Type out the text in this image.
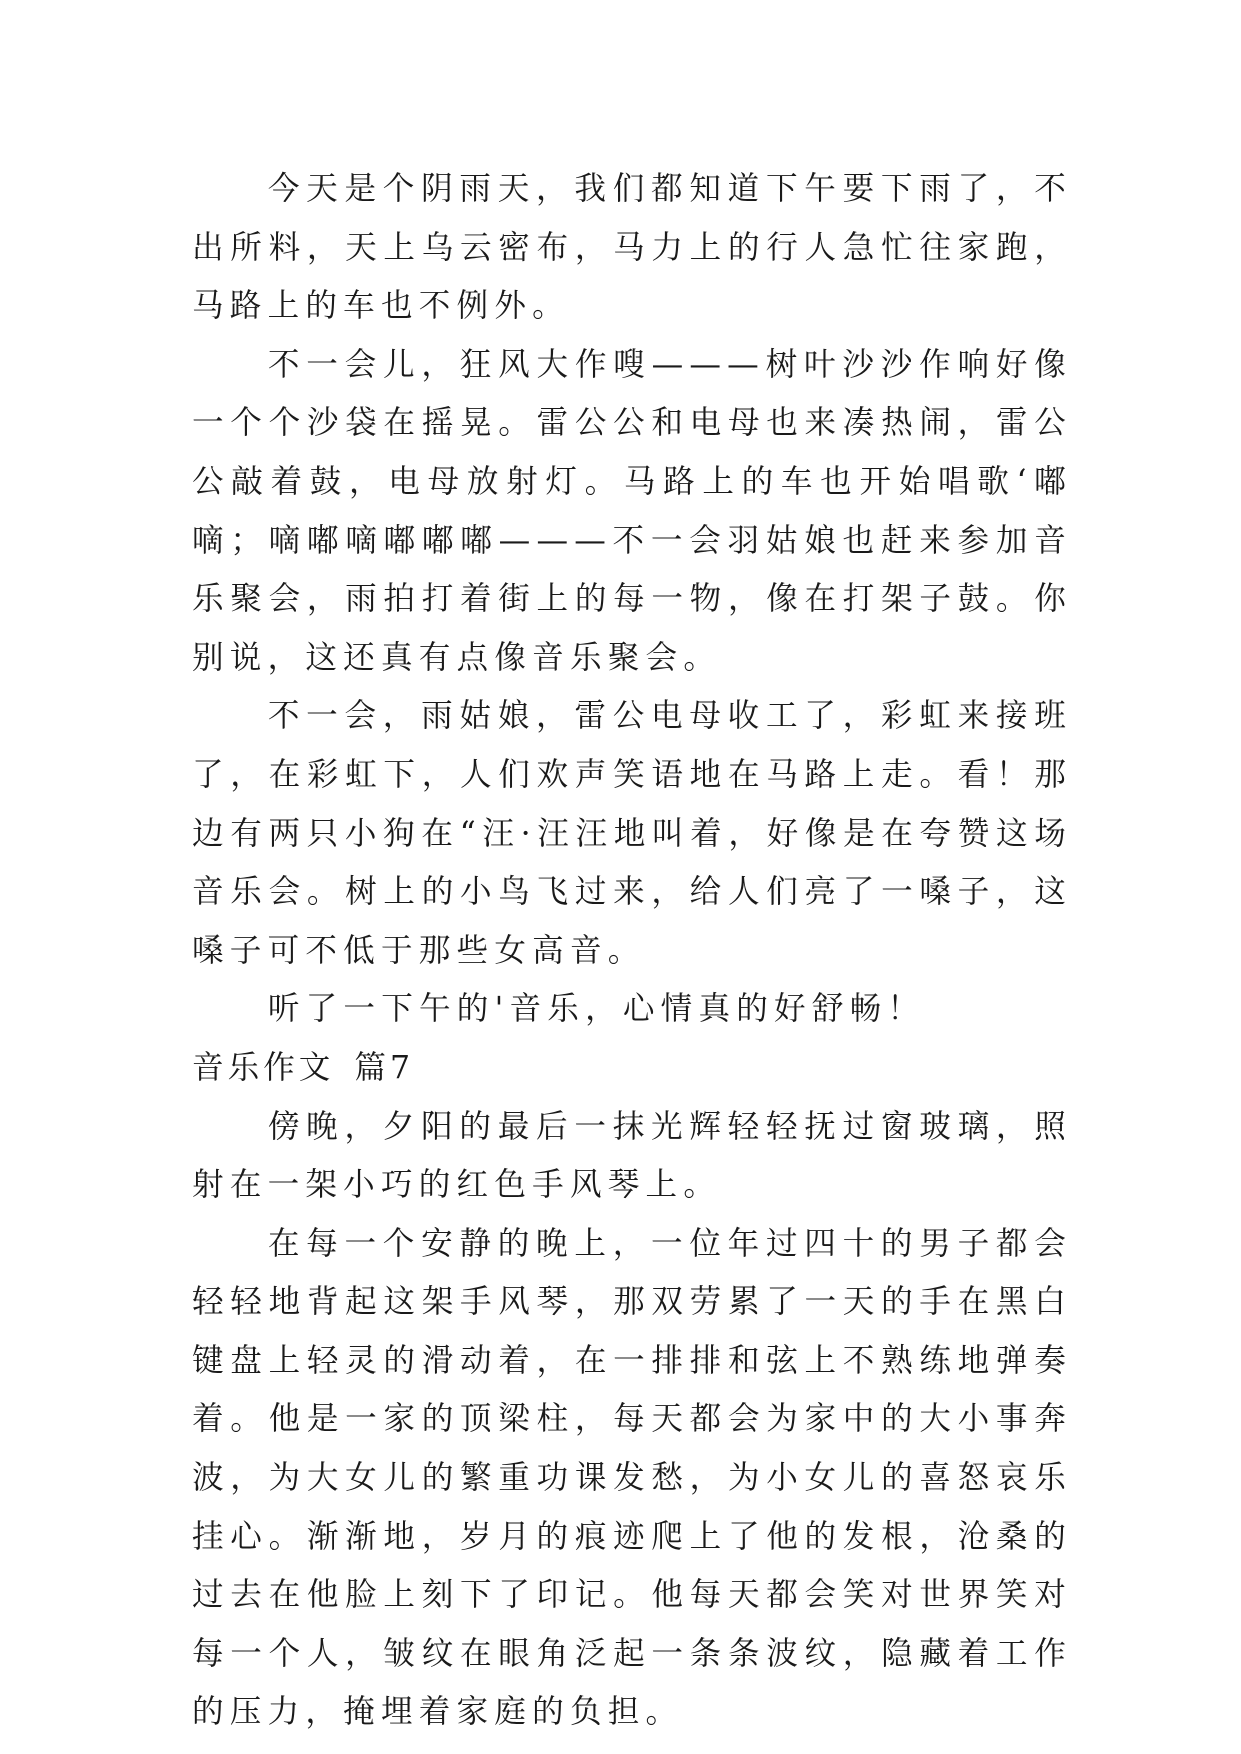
今天是个阴雨天，我们都知道下午要下雨了，不出所料，天上乌云密布，马力上的行人急忙往家跑，马路上的车也不例外。

不一会儿，狂风大作嗖———树叶沙沙作响好像一个个沙袋在摇晃。雷公公和电母也来凑热闹，雷公公敲着鼓，电母放射灯。马路上的车也开始唱歌‘嘟嘀；嘀嘟嘀嘟嘟嘟———不一会羽姑娘也赶来参加音乐聚会，雨拍打着街上的每一物，像在打架子鼓。你别说，这还真有点像音乐聚会。

不一会，雨姑娘，雷公电母收工了，彩虹来接班了，在彩虹下，人们欢声笑语地在马路上走。看！那边有两只小狗在“汪·汪汪地叫着，好像是在夸赞这场音乐会。树上的小鸟飞过来，给人们亮了一嗓子，这嗓子可不低于那些女高音。

听了一下午的'音乐，心情真的好舒畅！

音乐作文 篇7

傍晚，夕阳的最后一抹光辉轻轻抚过窗玻璃，照射在一架小巧的红色手风琴上。

在每一个安静的晚上，一位年过四十的男子都会轻轻地背起这架手风琴，那双劳累了一天的手在黑白键盘上轻灵的滑动着，在一排排和弦上不熟练地弹奏着。他是一家的顶梁柱，每天都会为家中的大小事奔波，为大女儿的繁重功课发愁，为小女儿的喜怒哀乐挂心。渐渐地，岁月的痕迹爬上了他的发根，沧桑的过去在他脸上刻下了印记。他每天都会笑对世界笑对每一个人，皱纹在眼角泛起一条条波纹，隐藏着工作的压力，掩埋着家庭的负担。
